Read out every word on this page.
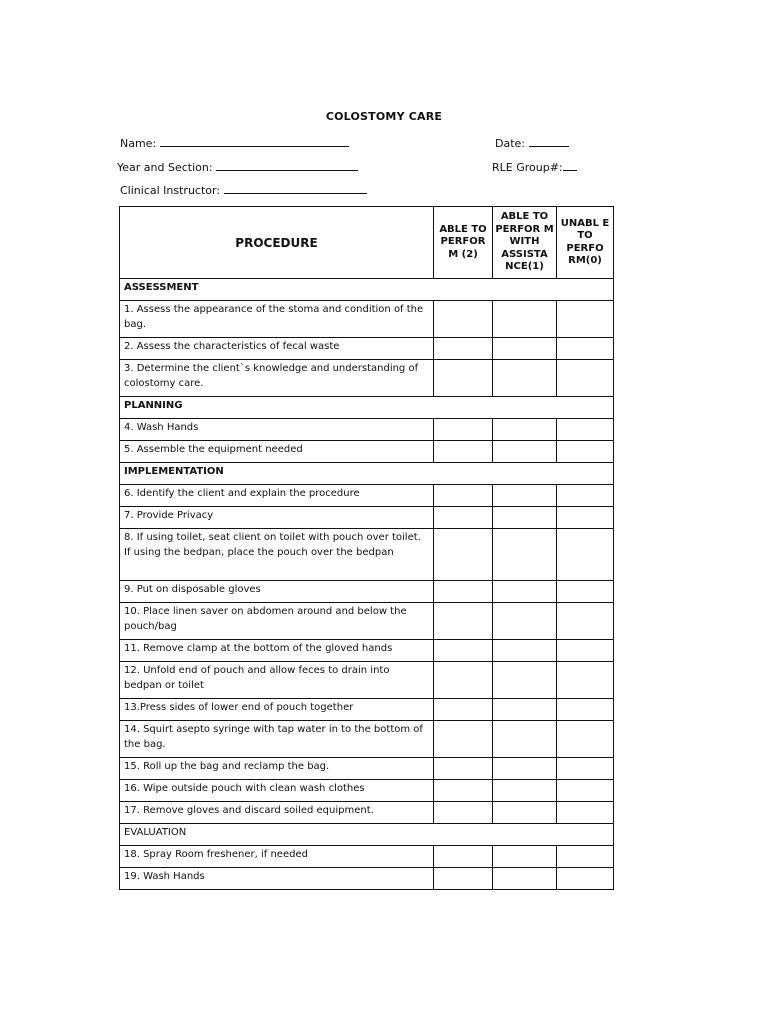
COLOSTOMY CARE
Name:	Date:
Year and Section:	RLE Group#:
Clinical Instructor:
PROCEDURE	ABLE TO PERFOR M (2)	ABLE TO PERFOR M WITH ASSISTA NCE(1)	UNABL E TO PERFO RM(0)
ASSESSMENT			
1. Assess the appearance of the stoma and condition of the bag.			
2. Assess the characteristics of fecal waste			
3. Determine the client`s knowledge and understanding of colostomy care.			
PLANNING			
4. Wash Hands			
5. Assemble the equipment needed			
IMPLEMENTATION			
6. Identify the client and explain the procedure			
7. Provide Privacy			
8. If using toilet, seat client on toilet with pouch over toilet. If using the bedpan, place the pouch over the bedpan			
9. Put on disposable gloves			
10. Place linen saver on abdomen around and below the pouch/bag			
11. Remove clamp at the bottom of the gloved hands			
12. Unfold end of pouch and allow feces to drain into bedpan or toilet			
13.Press sides of lower end of pouch together			
14. Squirt asepto syringe with tap water in to the bottom of the bag.			
15. Roll up the bag and reclamp the bag.			
16. Wipe outside pouch with clean wash clothes			
17. Remove gloves and discard soiled equipment.			
EVALUATION			
18. Spray Room freshener, if needed			
19. Wash Hands			
